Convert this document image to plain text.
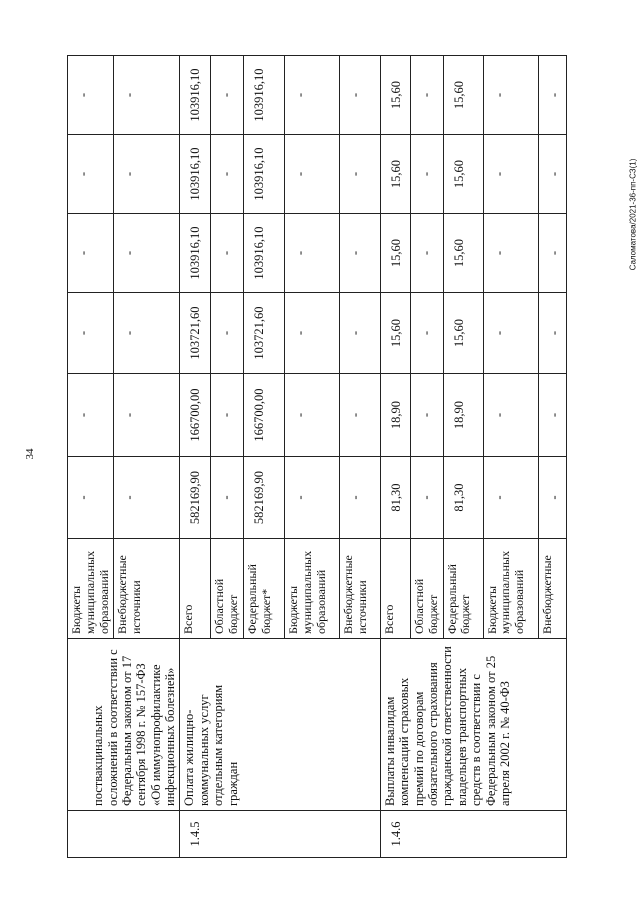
34
Саломатова/2021-36-пп-СЗ(1)
	поствакцинальных осложнений в соответствии с Федеральным законом от 17 сентября 1998 г. № 157-ФЗ «Об иммунопрофилактике инфекционных болезней»	Бюджеты муниципальных образований	-	-	-	-	-	-
		Внебюджетные источники	-	-	-	-	-	-
1.4.5	Оплата жилищно-коммунальных услуг отдельным категориям граждан	Всего	582169,90	166700,00	103721,60	103916,10	103916,10	103916,10
		Областной бюджет	-	-	-	-	-	-
		Федеральный бюджет*	582169,90	166700,00	103721,60	103916,10	103916,10	103916,10
		Бюджеты муниципальных образований	-	-	-	-	-	-
		Внебюджетные источники	-	-	-	-	-	-
1.4.6	Выплаты инвалидам компенсаций страховых премий по договорам обязательного страхования гражданской ответственности владельцев транспортных средств в соответствии с Федеральным законом от 25 апреля 2002 г. № 40-ФЗ	Всего	81,30	18,90	15,60	15,60	15,60	15,60
		Областной бюджет	-	-	-	-	-	-
		Федеральный бюджет	81,30	18,90	15,60	15,60	15,60	15,60
		Бюджеты муниципальных образований	-	-	-	-	-	-
		Внебюджетные	-	-	-	-	-	-
